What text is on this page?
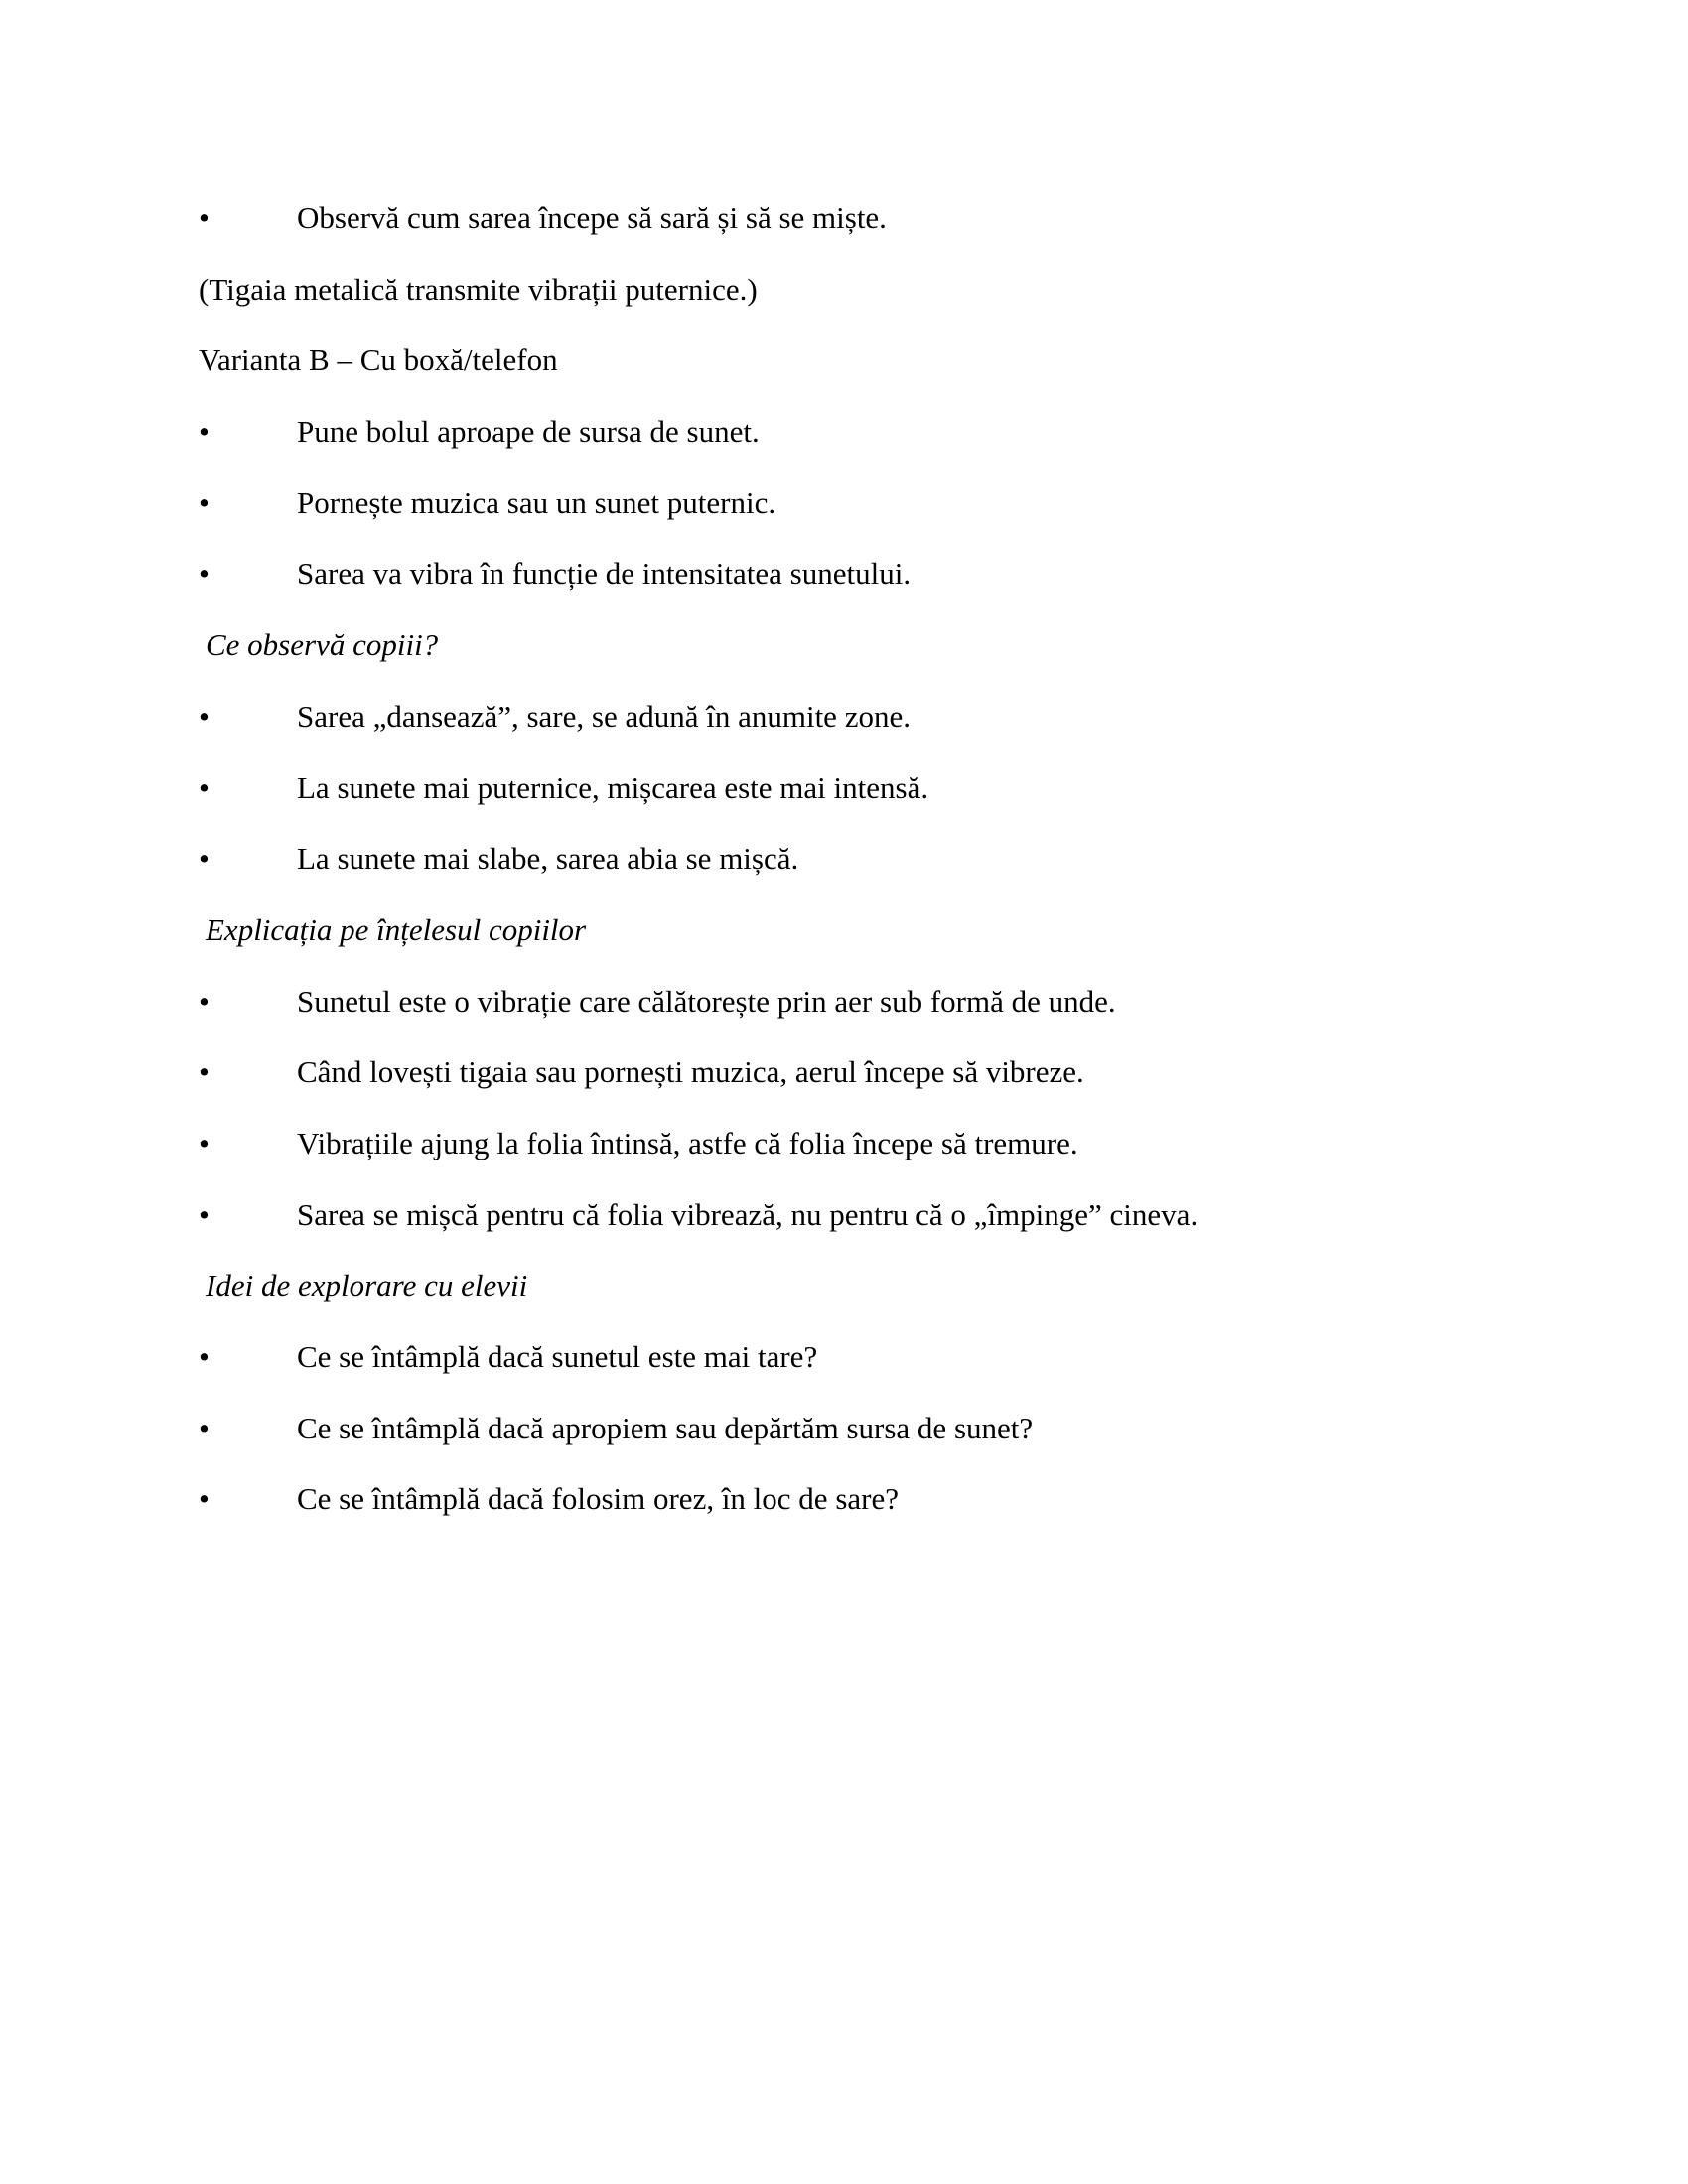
•	Observă cum sarea începe să sară și să se miște.
(Tigaia metalică transmite vibrații puternice.)
Varianta B – Cu boxă/telefon
•	Pune bolul aproape de sursa de sunet.
•	Pornește muzica sau un sunet puternic.
•	Sarea va vibra în funcție de intensitatea sunetului.
Ce observă copiii?
•	Sarea „dansează”, sare, se adună în anumite zone.
•	La sunete mai puternice, mișcarea este mai intensă.
•	La sunete mai slabe, sarea abia se mișcă.
Explicația pe înțelesul copiilor
•	Sunetul este o vibrație care călătorește prin aer sub formă de unde.
•	Când lovești tigaia sau pornești muzica, aerul începe să vibreze.
•	Vibrațiile ajung la folia întinsă, astfe că folia începe să tremure.
•	Sarea se mișcă pentru că folia vibrează, nu pentru că o „împinge” cineva.
Idei de explorare cu elevii
•	Ce se întâmplă dacă sunetul este mai tare?
•	Ce se întâmplă dacă apropiem sau depărtăm sursa de sunet?
•	Ce se întâmplă dacă folosim orez, în loc de sare?
